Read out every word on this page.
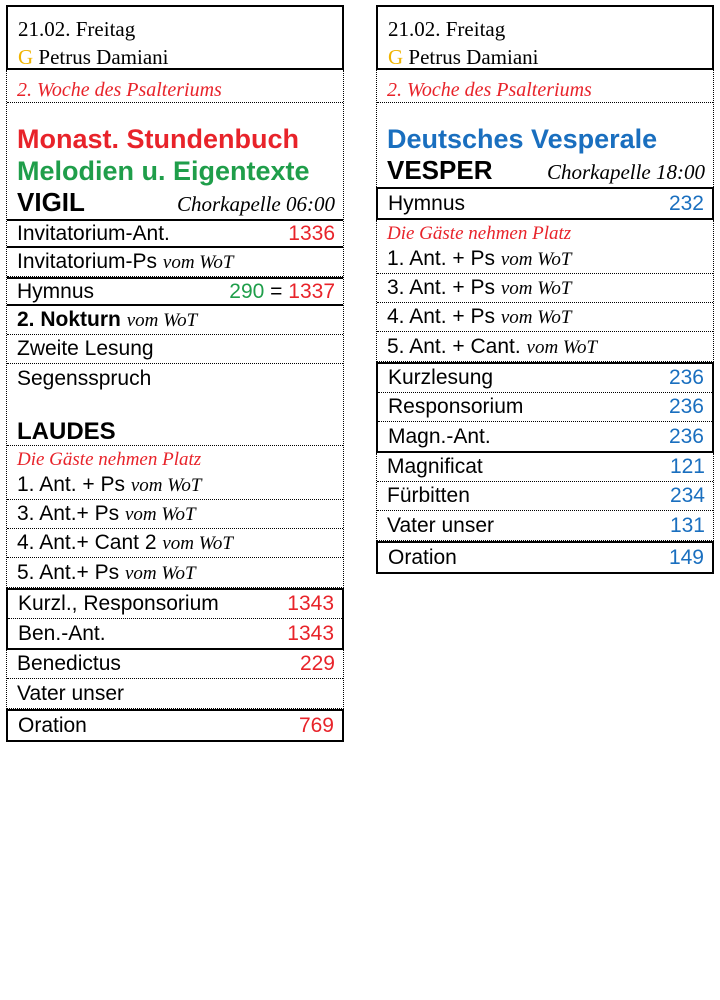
21.02. Freitag
G Petrus Damiani
2. Woche des Psalteriums
Monast. Stundenbuch
Melodien u. Eigentexte
VIGIL	Chorkapelle 06:00
Invitatorium-Ant.	1336
Invitatorium-Ps vom WoT
Hymnus	290 = 1337
2. Nokturn vom WoT
Zweite Lesung
Segensspruch
LAUDES
Die Gäste nehmen Platz
1. Ant. + Ps vom WoT
3. Ant.+ Ps vom WoT
4. Ant.+ Cant 2 vom WoT
5. Ant.+ Ps vom WoT
Kurzl., Responsorium	1343
Ben.-Ant.	1343
Benedictus	229
Vater unser
Oration	769
21.02. Freitag
G Petrus Damiani
2. Woche des Psalteriums
Deutsches Vesperale
VESPER	Chorkapelle 18:00
Hymnus	232
Die Gäste nehmen Platz
1. Ant. + Ps vom WoT
3. Ant. + Ps vom WoT
4. Ant. + Ps vom WoT
5. Ant. + Cant. vom WoT
Kurzlesung	236
Responsorium	236
Magn.-Ant.	236
Magnificat	121
Fürbitten	234
Vater unser	131
Oration	149
